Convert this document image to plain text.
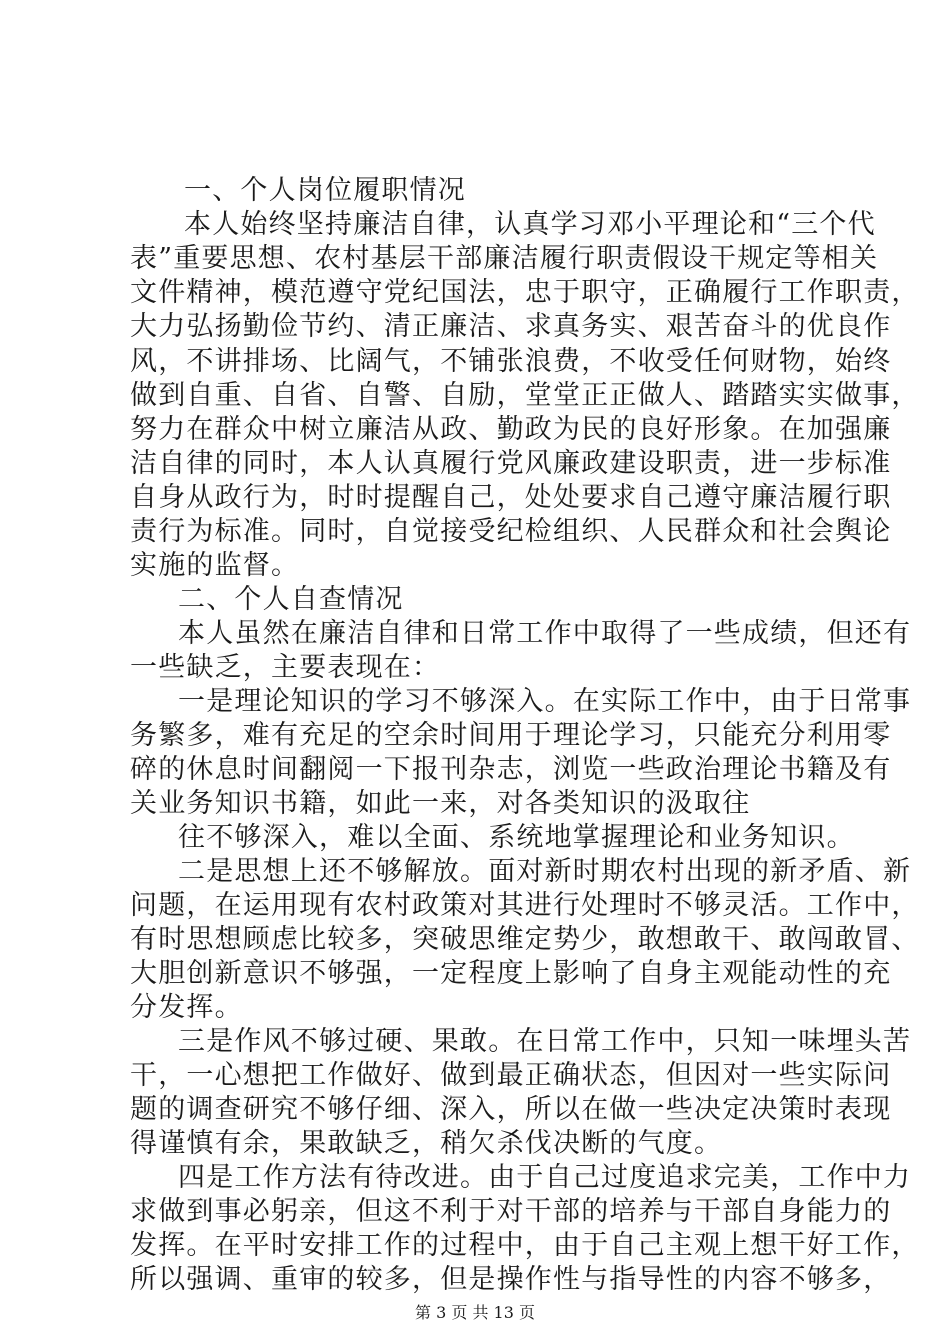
一、个人岗位履职情况
本人始终坚持廉洁自律，认真学习邓小平理论和“三个代
表”重要思想、农村基层干部廉洁履行职责假设干规定等相关
文件精神，模范遵守党纪国法，忠于职守，正确履行工作职责，
大力弘扬勤俭节约、清正廉洁、求真务实、艰苦奋斗的优良作
风，不讲排场、比阔气，不铺张浪费，不收受任何财物，始终
做到自重、自省、自警、自励，堂堂正正做人、踏踏实实做事，
努力在群众中树立廉洁从政、勤政为民的良好形象。在加强廉
洁自律的同时，本人认真履行党风廉政建设职责，进一步标准
自身从政行为，时时提醒自己，处处要求自己遵守廉洁履行职
责行为标准。同时，自觉接受纪检组织、人民群众和社会舆论
实施的监督。
二、个人自查情况
本人虽然在廉洁自律和日常工作中取得了一些成绩，但还有
一些缺乏，主要表现在：
一是理论知识的学习不够深入。在实际工作中，由于日常事
务繁多，难有充足的空余时间用于理论学习，只能充分利用零
碎的休息时间翻阅一下报刊杂志，浏览一些政治理论书籍及有
关业务知识书籍，如此一来，对各类知识的汲取往
往不够深入，难以全面、系统地掌握理论和业务知识。
二是思想上还不够解放。面对新时期农村出现的新矛盾、新
问题，在运用现有农村政策对其进行处理时不够灵活。工作中，
有时思想顾虑比较多，突破思维定势少，敢想敢干、敢闯敢冒、
大胆创新意识不够强，一定程度上影响了自身主观能动性的充
分发挥。
三是作风不够过硬、果敢。在日常工作中，只知一味埋头苦
干，一心想把工作做好、做到最正确状态，但因对一些实际问
题的调查研究不够仔细、深入，所以在做一些决定决策时表现
得谨慎有余，果敢缺乏，稍欠杀伐决断的气度。
四是工作方法有待改进。由于自己过度追求完美，工作中力
求做到事必躬亲，但这不利于对干部的培养与干部自身能力的
发挥。在平时安排工作的过程中，由于自己主观上想干好工作，
所以强调、重审的较多，但是操作性与指导性的内容不够多，
第 3 页 共 13 页
